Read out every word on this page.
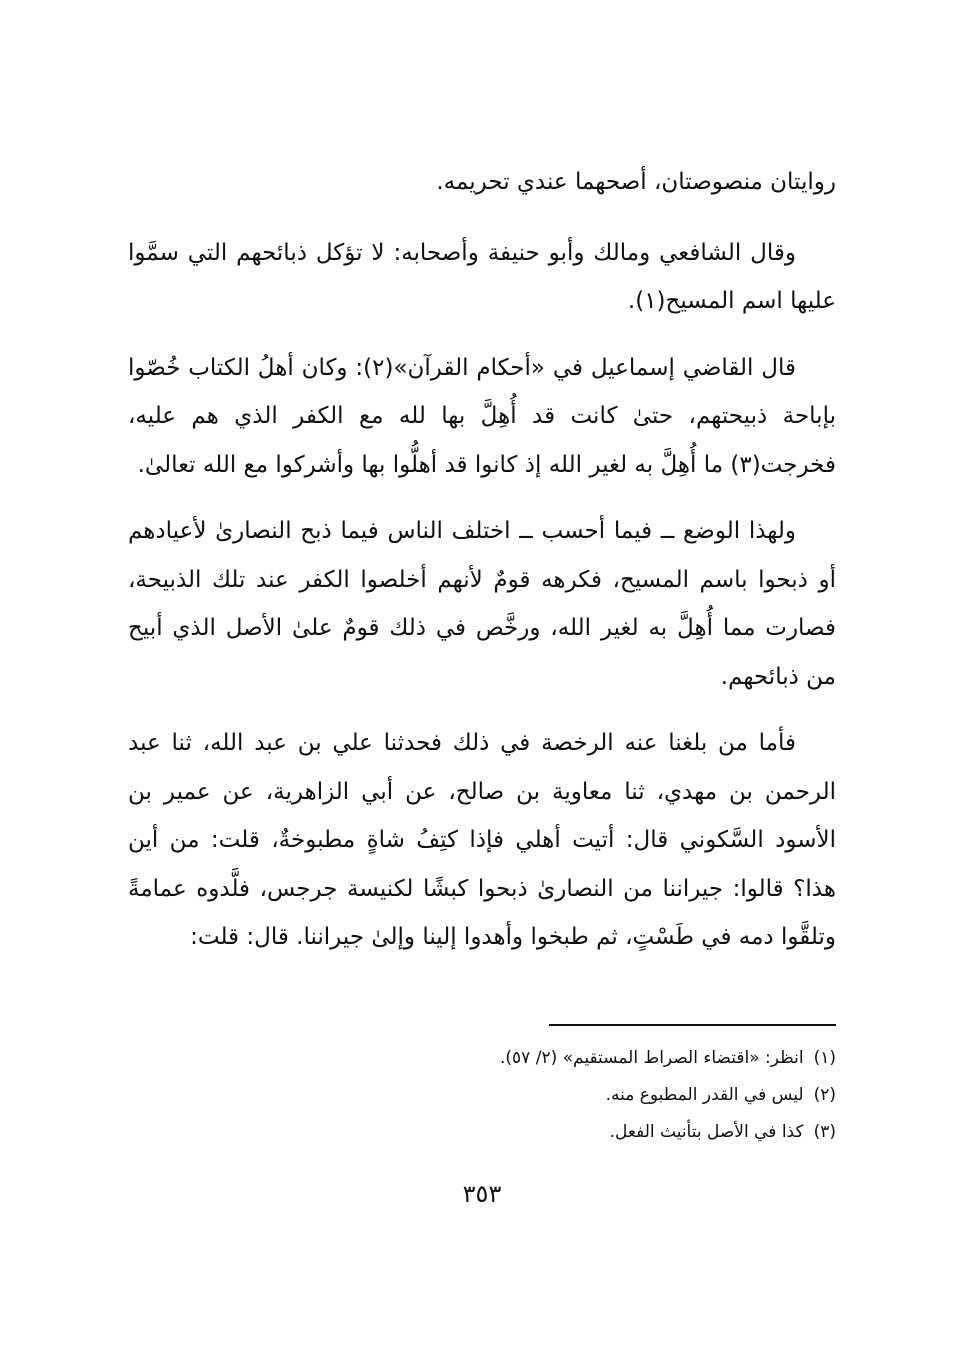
روايتان منصوصتان، أصحهما عندي تحريمه.

وقال الشافعي ومالك وأبو حنيفة وأصحابه: لا تؤكل ذبائحهم التي سمَّوا عليها اسم المسيح(١).

قال القاضي إسماعيل في «أحكام القرآن»(٢): وكان أهلُ الكتاب خُصّوا بإباحة ذبيحتهم، حتىٰ كانت قد أُهِلَّ بها لله مع الكفر الذي هم عليه، فخرجت(٣) ما أُهِلَّ به لغير الله إذ كانوا قد أهلُّوا بها وأشركوا مع الله تعالىٰ.

ولهذا الوضع ــ فيما أحسب ــ اختلف الناس فيما ذبح النصارىٰ لأعيادهم أو ذبحوا باسم المسيح، فكرهه قومٌ لأنهم أخلصوا الكفر عند تلك الذبيحة، فصارت مما أُهِلَّ به لغير الله، ورخَّص في ذلك قومٌ علىٰ الأصل الذي أبيح من ذبائحهم.

فأما من بلغنا عنه الرخصة في ذلك فحدثنا علي بن عبد الله، ثنا عبد الرحمن بن مهدي، ثنا معاوية بن صالح، عن أبي الزاهرية، عن عمير بن الأسود السَّكوني قال: أتيت أهلي فإذا كتِفُ شاةٍ مطبوخةٌ، قلت: من أين هذا؟ قالوا: جيراننا من النصارىٰ ذبحوا كبشًا لكنيسة جرجس، فلَّدوه عمامةً وتلقَّوا دمه في طَسْتٍ، ثم طبخوا وأهدوا إلينا وإلىٰ جيراننا. قال: قلت:

(١)انظر: «اقتضاء الصراط المستقيم» (٢/ ٥٧).

(٢)ليس في القدر المطبوع منه.

(٣)كذا في الأصل بتأنيث الفعل.

٣٥٣
